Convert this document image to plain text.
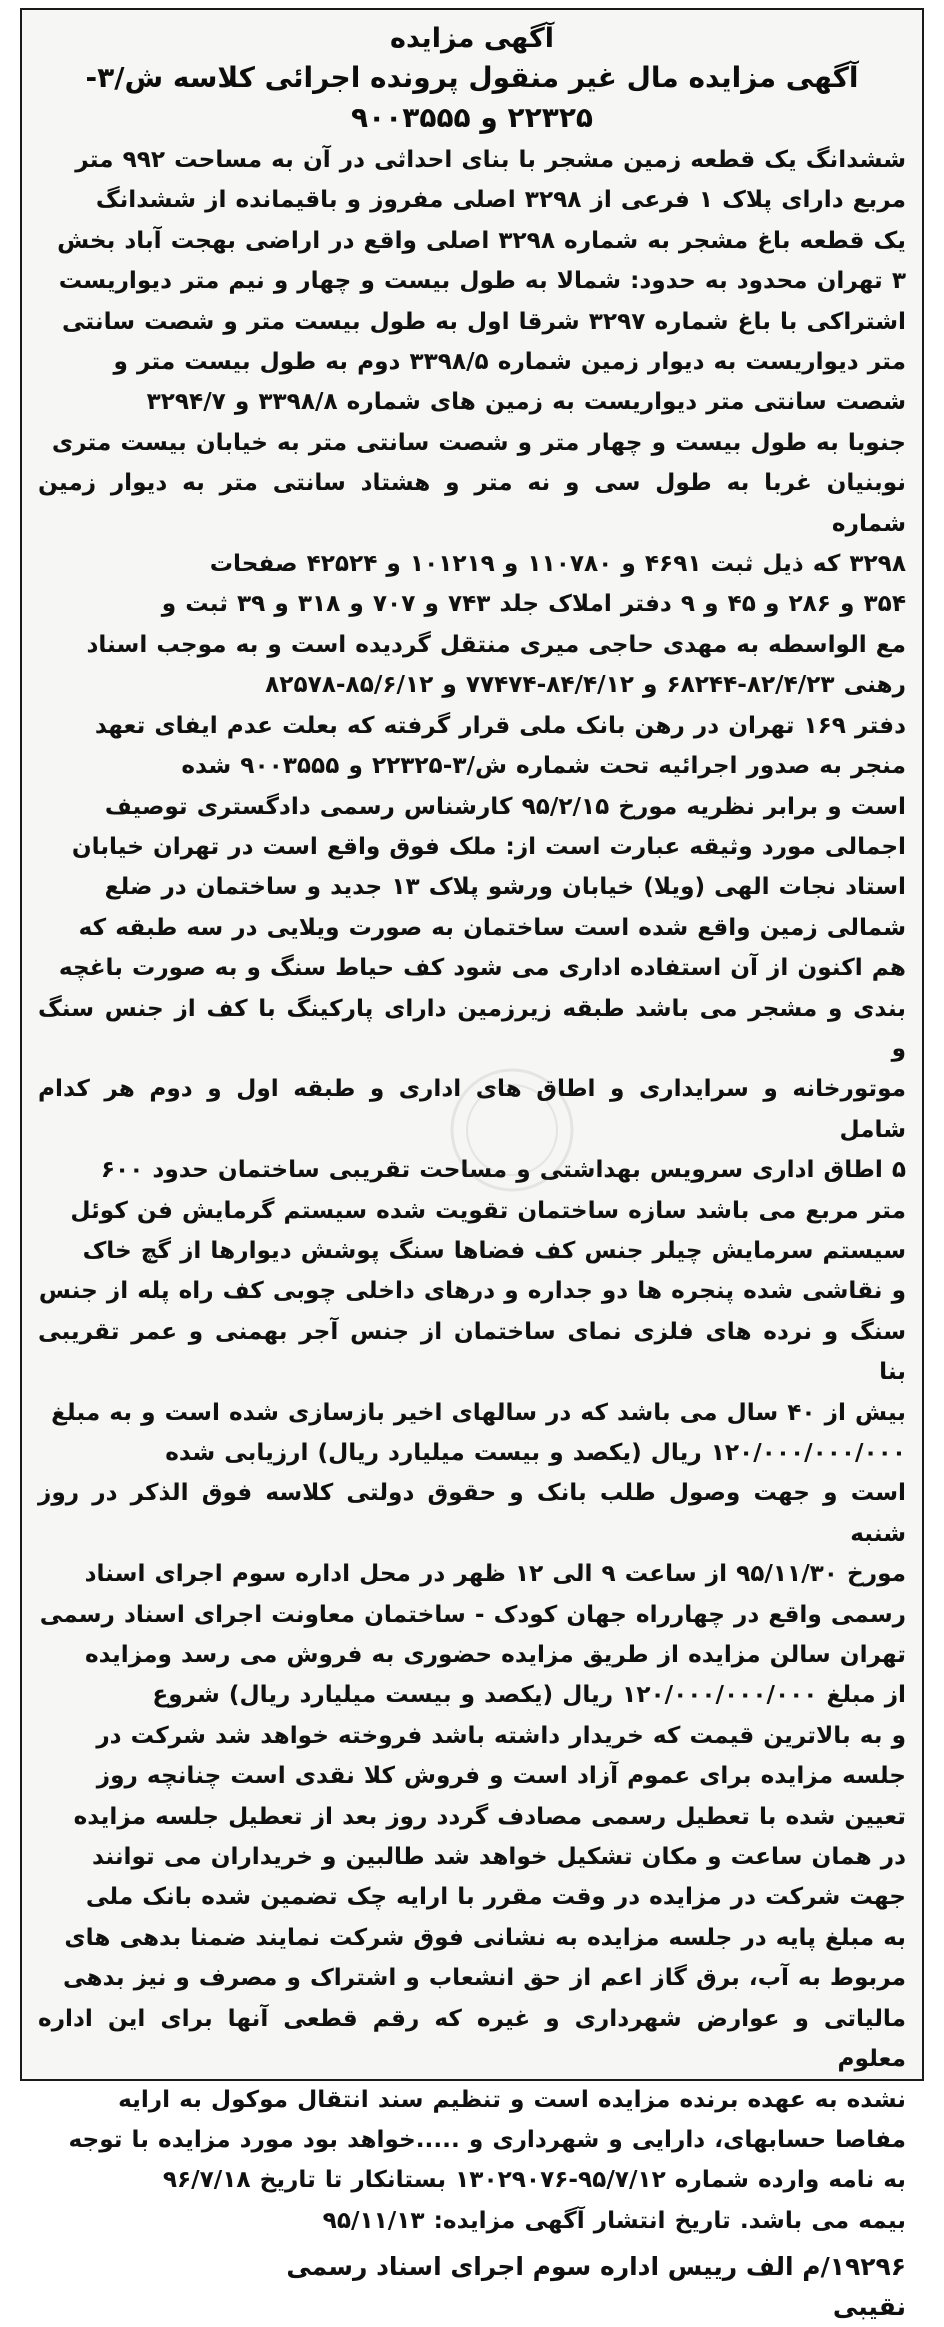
آگهی مزایده
آگهی مزایده مال غیر منقول پرونده اجرائی کلاسه ش/۳-
۲۲۳۲۵ و ۹۰۰۳۵۵۵
ششدانگ یک قطعه زمین مشجر با بنای احداثی در آن به مساحت ۹۹۲ متر
مربع دارای پلاک ۱ فرعی از ۳۲۹۸ اصلی مفروز و باقیمانده از ششدانگ
یک قطعه باغ مشجر به شماره ۳۲۹۸ اصلی واقع در اراضی بهجت آباد بخش
۳ تهران محدود به حدود: شمالا به طول بیست و چهار و نیم متر دیواریست
اشتراکی با باغ شماره ۳۲۹۷ شرقا اول به طول بیست متر و شصت سانتی
متر دیواریست به دیوار زمین شماره ۳۳۹۸/۵ دوم به طول بیست متر و
شصت سانتی متر دیواریست به زمین های شماره ۳۳۹۸/۸ و ۳۲۹۴/۷
جنوبا به طول بیست و چهار متر و شصت سانتی متر به خیابان بیست متری
نوبنیان غربا به طول سی و نه متر و هشتاد سانتی متر به دیوار زمین شماره
۳۲۹۸ که ذیل ثبت ۴۶۹۱ و ۱۱۰۷۸۰ و ۱۰۱۲۱۹ و ۴۲۵۲۴ صفحات
۳۵۴ و ۲۸۶ و ۴۵ و ۹ دفتر املاک جلد ۷۴۳ و ۷۰۷ و ۳۱۸ و ۳۹ ثبت و
مع الواسطه به مهدی حاجی میری منتقل گردیده است و به موجب اسناد
رهنی ۸۲/۴/۲۳-۶۸۲۴۴ و ۸۴/۴/۱۲-۷۷۴۷۴ و ۸۵/۶/۱۲-۸۲۵۷۸
دفتر ۱۶۹ تهران در رهن بانک ملی قرار گرفته که بعلت عدم ایفای تعهد
منجر به صدور اجرائیه تحت شماره ش/۳-۲۲۳۲۵ و ۹۰۰۳۵۵۵ شده
است و برابر نظریه مورخ ۹۵/۲/۱۵ کارشناس رسمی دادگستری توصیف
اجمالی مورد وثیقه عبارت است از: ملک فوق واقع است در تهران خیابان
استاد نجات الهی (ویلا) خیابان ورشو پلاک ۱۳ جدید و ساختمان در ضلع
شمالی زمین واقع شده است ساختمان به صورت ویلایی در سه طبقه که
هم اکنون از آن استفاده اداری می شود کف حیاط سنگ و به صورت باغچه
بندی و مشجر می باشد طبقه زیرزمین دارای پارکینگ با کف از جنس سنگ و
موتورخانه و سرایداری و اطاق های اداری و طبقه اول و دوم هر کدام شامل
۵ اطاق اداری سرویس بهداشتی و مساحت تقریبی ساختمان حدود ۶۰۰
متر مربع می باشد سازه ساختمان تقویت شده سیستم گرمایش فن کوئل
سیستم سرمایش چیلر جنس کف فضاها سنگ پوشش دیوارها از گچ خاک
و نقاشی شده پنجره ها دو جداره و درهای داخلی چوبی کف راه پله از جنس
سنگ و نرده های فلزی نمای ساختمان از جنس آجر بهمنی و عمر تقریبی بنا
بیش از ۴۰ سال می باشد که در سالهای اخیر بازسازی شده است و به مبلغ
۱۲۰/۰۰۰/۰۰۰/۰۰۰ ریال (یکصد و بیست میلیارد ریال) ارزیابی شده
است و جهت وصول طلب بانک و حقوق دولتی کلاسه فوق الذکر در روز شنبه
مورخ ۹۵/۱۱/۳۰ از ساعت ۹ الی ۱۲ ظهر در محل اداره سوم اجرای اسناد
رسمی واقع در چهارراه جهان کودک - ساختمان معاونت اجرای اسناد رسمی
تهران سالن مزایده از طریق مزایده حضوری به فروش می رسد ومزایده
از مبلغ ۱۲۰/۰۰۰/۰۰۰/۰۰۰ ریال (یکصد و بیست میلیارد ریال) شروع
و به بالاترین قیمت که خریدار داشته باشد فروخته خواهد شد شرکت در
جلسه مزایده برای عموم آزاد است و فروش کلا نقدی است چنانچه روز
تعیین شده با تعطیل رسمی مصادف گردد روز بعد از تعطیل جلسه مزایده
در همان ساعت و مکان تشکیل خواهد شد طالبین و خریداران می توانند
جهت شرکت در مزایده در وقت مقرر با ارایه چک تضمین شده بانک ملی
به مبلغ پایه در جلسه مزایده به نشانی فوق شرکت نمایند ضمنا بدهی های
مربوط به آب، برق گاز اعم از حق انشعاب و اشتراک و مصرف و نیز بدهی
مالیاتی و عوارض شهرداری و غیره که رقم قطعی آنها برای این اداره معلوم
نشده به عهده برنده مزایده است و تنظیم سند انتقال موکول به ارایه
مفاصا حسابهای، دارایی و شهرداری و .....خواهد بود مورد مزایده با توجه
به نامه وارده شماره ۹۵/۷/۱۲-۱۳۰۲۹۰۷۶ بستانکار تا تاریخ ۹۶/۷/۱۸
بیمه می باشد. تاریخ انتشار آگهی مزایده: ۹۵/۱۱/۱۳
۱۹۲۹۶/م الف رییس اداره سوم اجرای اسناد رسمی
نقیبی
